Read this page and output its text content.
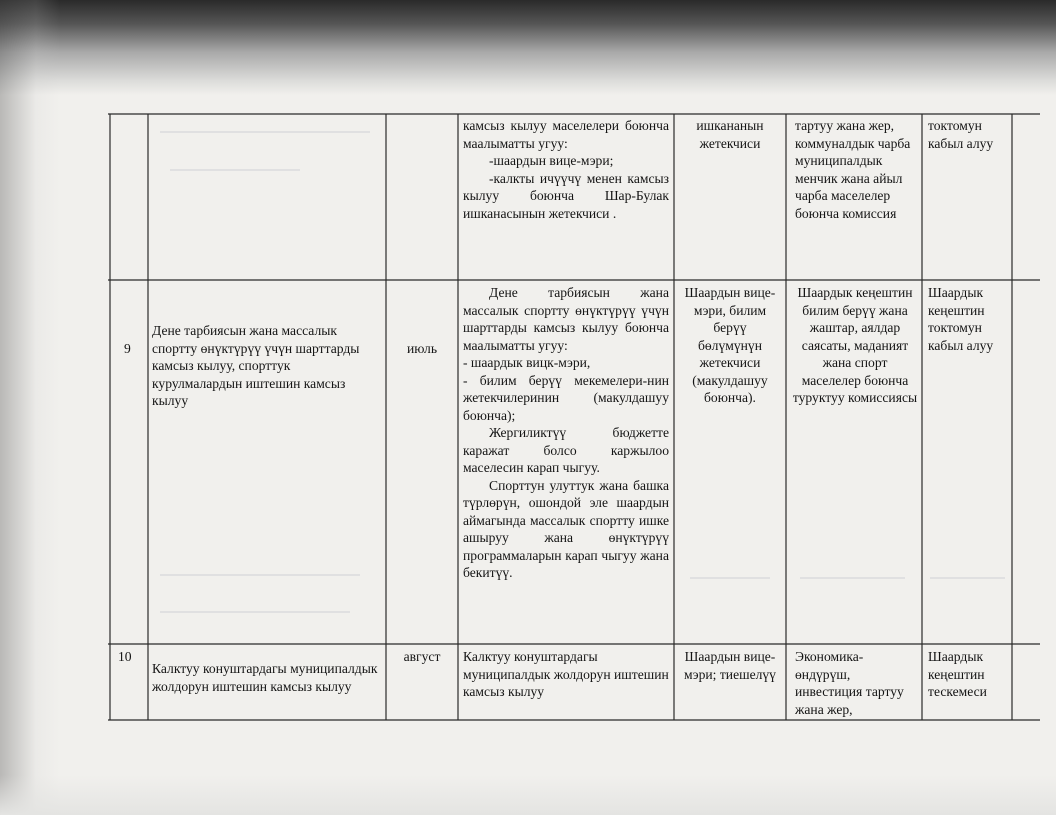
камсыз кылуу маселелери боюнча маалыматты угуу:

-шаардын вице-мэри;

-калкты ичүүчү менен камсыз кылуу боюнча Шар-Булак ишканасынын жетекчиси .

ишкананын жетекчиси
тартуу жана жер, коммуналдык чарба муниципалдык менчик жана айыл чарба маселелер боюнча комиссия
токтомун кабыл алуу
9
Дене тарбиясын жана массалык спортту өнүктүрүү үчүн шарттарды камсыз кылуу, спорттук курулмалардын иштешин камсыз кылуу
июль

Дене тарбиясын жана массалык спортту өнүктүрүү үчүн шарттарды камсыз кылуу боюнча маалыматты угуу:

- шаардык вицк-мэри,

- билим берүү мекемелери-нин жетекчилеринин (макулдашуу боюнча);

Жергиликтүү бюджетте каражат болсо каржылоо маселесин карап чыгуу.

Спорттун улуттук жана башка түрлөрүн, ошондой эле шаардын аймагында массалык спортту ишке ашыруу жана өнүктүрүү программаларын карап чыгуу жана бекитүү.

Шаардын вице-мэри, билим берүү бөлүмүнүн жетекчиси (макулдашуу боюнча).
Шаардык кеңештин билим берүү жана жаштар, аялдар саясаты, маданият жана спорт маселелер боюнча туруктуу комиссиясы
Шаардык кеңештин токтомун кабыл алуу
10
Калктуу конуштардагы муниципалдык жолдорун иштешин камсыз кылуу
август	Калктуу конуштардагы муниципалдык жолдорун иштешин камсыз кылуу

Шаардын вице-мэри; тиешелүү
Экономика-өндүрүш, инвестиция тартуу жана жер,
Шаардык кеңештин тескемеси
